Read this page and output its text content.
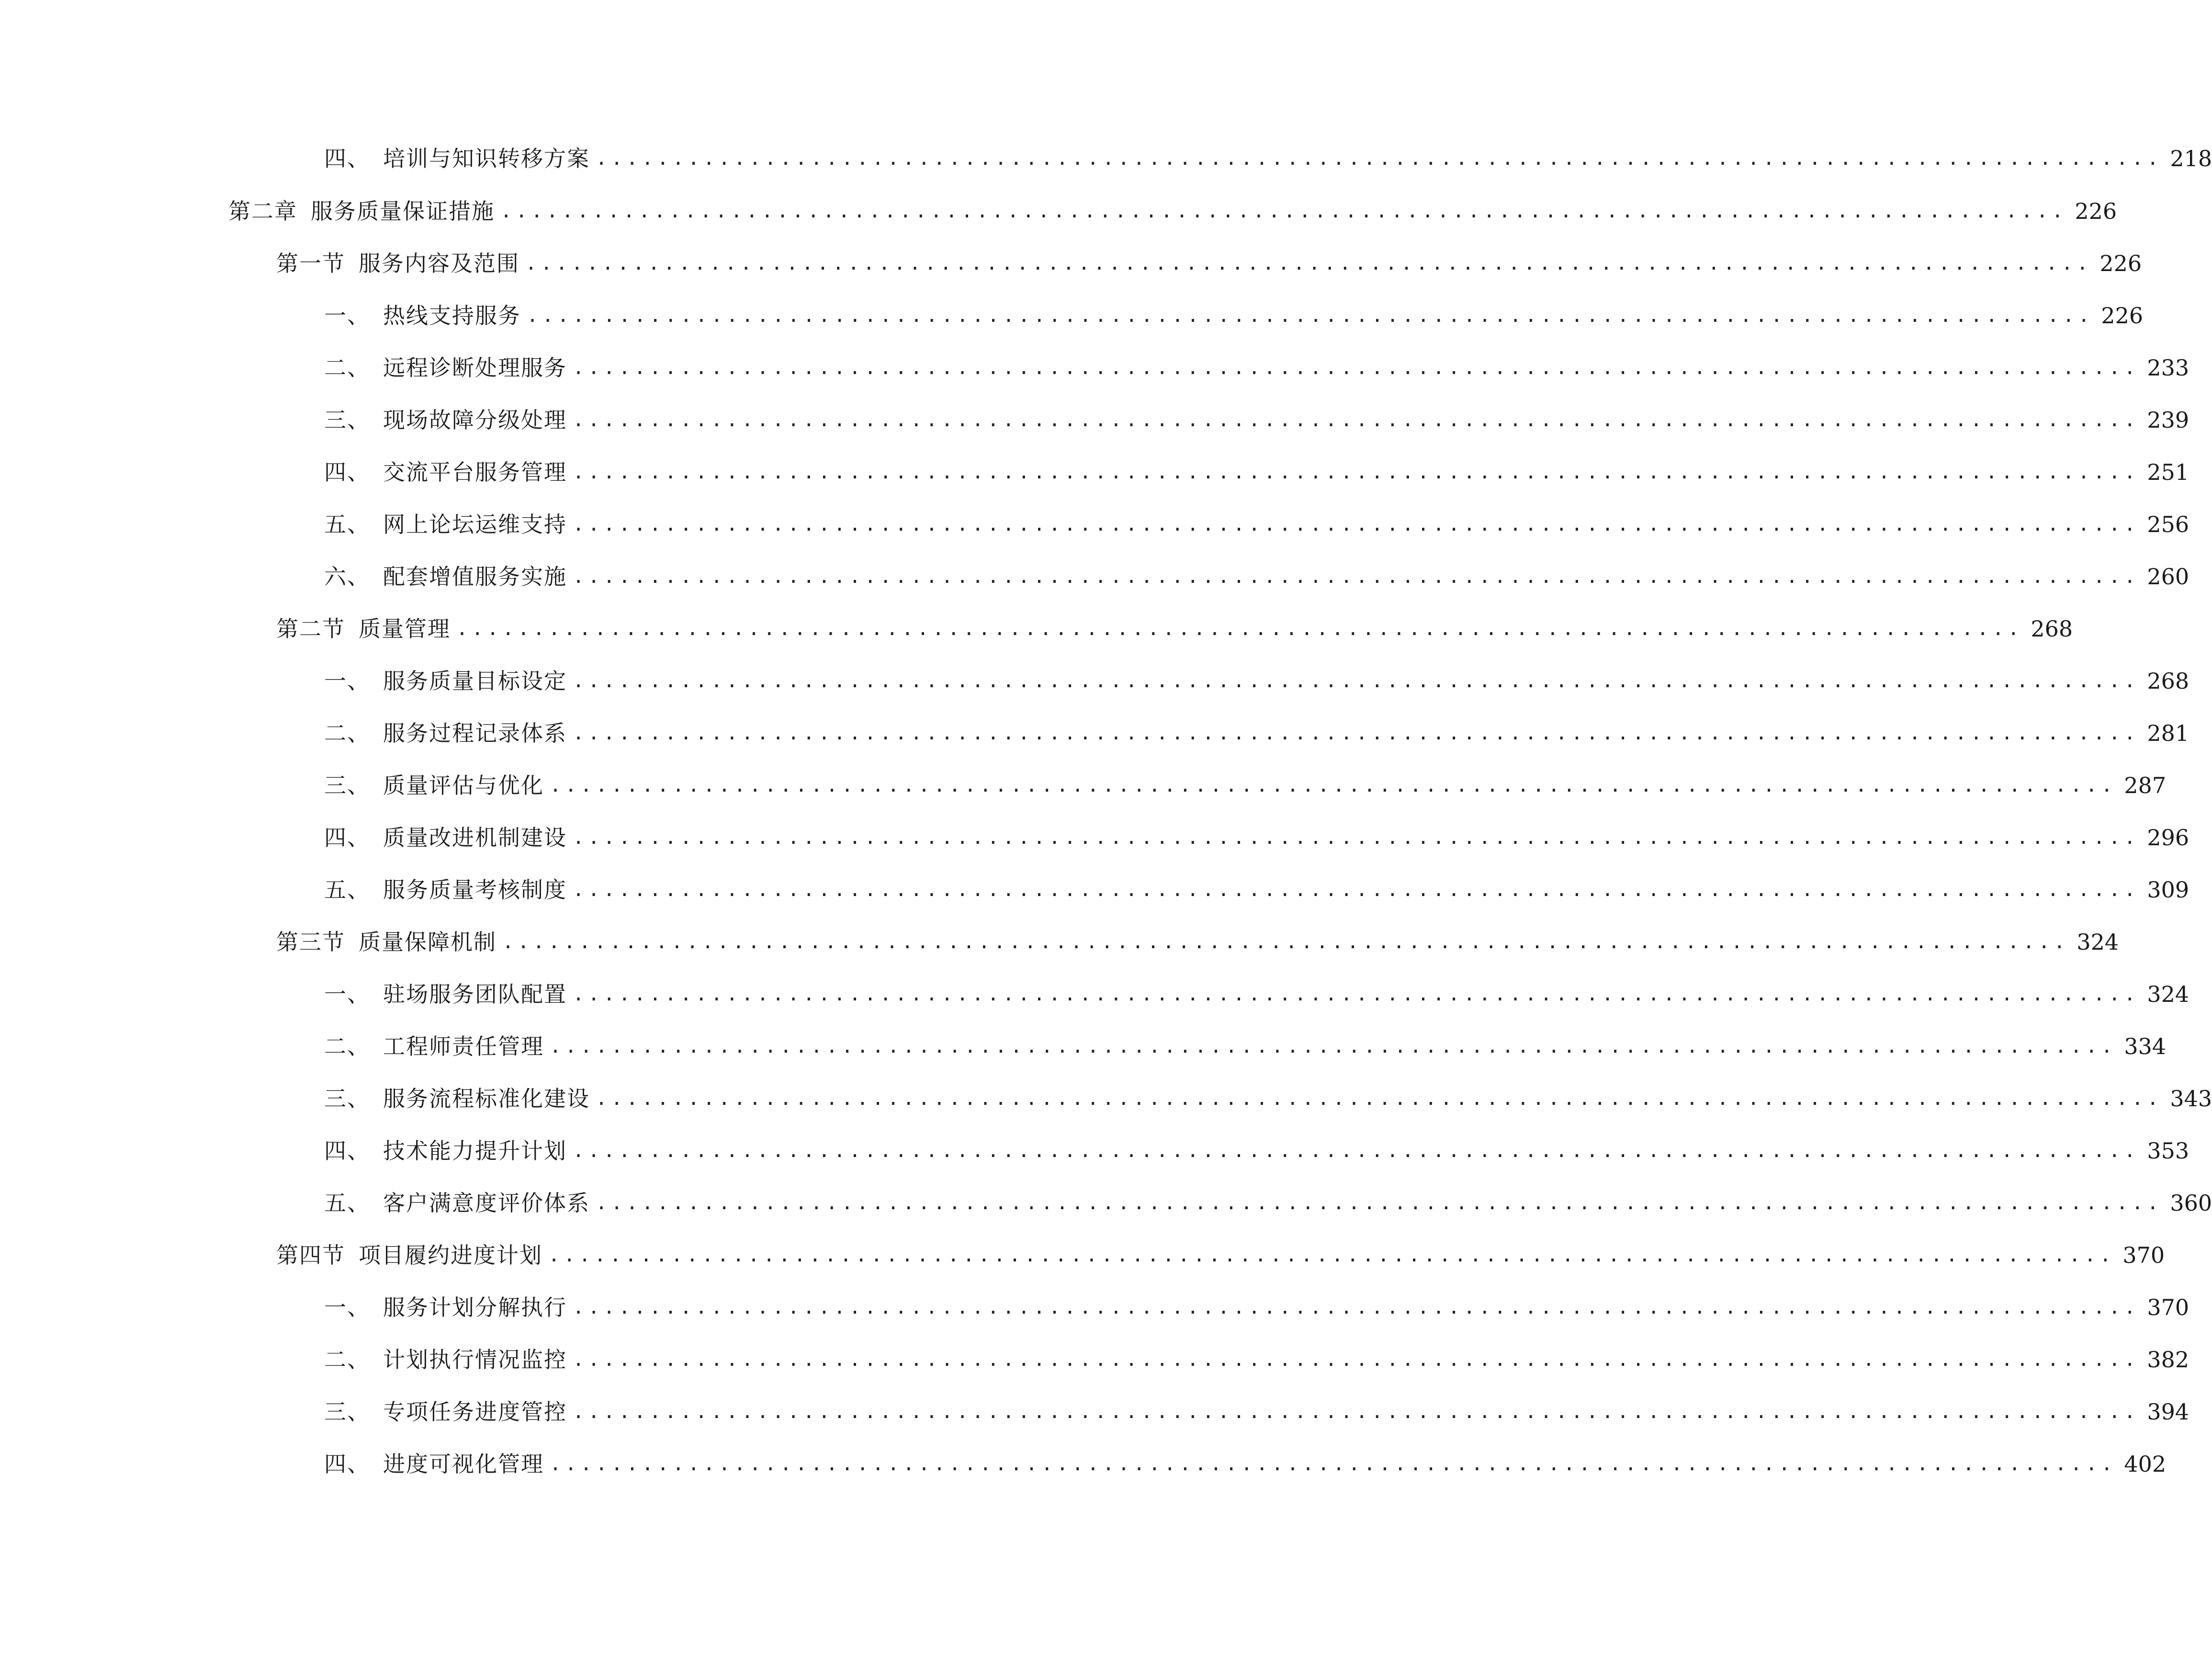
四、 培训与知识转移方案 ...................................................................................................... 218
第二章 服务质量保证措施 ...................................................................................................... 226
第一节 服务内容及范围 ...................................................................................................... 226
一、 热线支持服务 ...................................................................................................... 226
二、 远程诊断处理服务 ...................................................................................................... 233
三、 现场故障分级处理 ...................................................................................................... 239
四、 交流平台服务管理 ...................................................................................................... 251
五、 网上论坛运维支持 ...................................................................................................... 256
六、 配套增值服务实施 ...................................................................................................... 260
第二节 质量管理 ...................................................................................................... 268
一、 服务质量目标设定 ...................................................................................................... 268
二、 服务过程记录体系 ...................................................................................................... 281
三、 质量评估与优化 ...................................................................................................... 287
四、 质量改进机制建设 ...................................................................................................... 296
五、 服务质量考核制度 ...................................................................................................... 309
第三节 质量保障机制 ...................................................................................................... 324
一、 驻场服务团队配置 ...................................................................................................... 324
二、 工程师责任管理 ...................................................................................................... 334
三、 服务流程标准化建设 ...................................................................................................... 343
四、 技术能力提升计划 ...................................................................................................... 353
五、 客户满意度评价体系 ...................................................................................................... 360
第四节 项目履约进度计划 ...................................................................................................... 370
一、 服务计划分解执行 ...................................................................................................... 370
二、 计划执行情况监控 ...................................................................................................... 382
三、 专项任务进度管控 ...................................................................................................... 394
四、 进度可视化管理 ...................................................................................................... 402
